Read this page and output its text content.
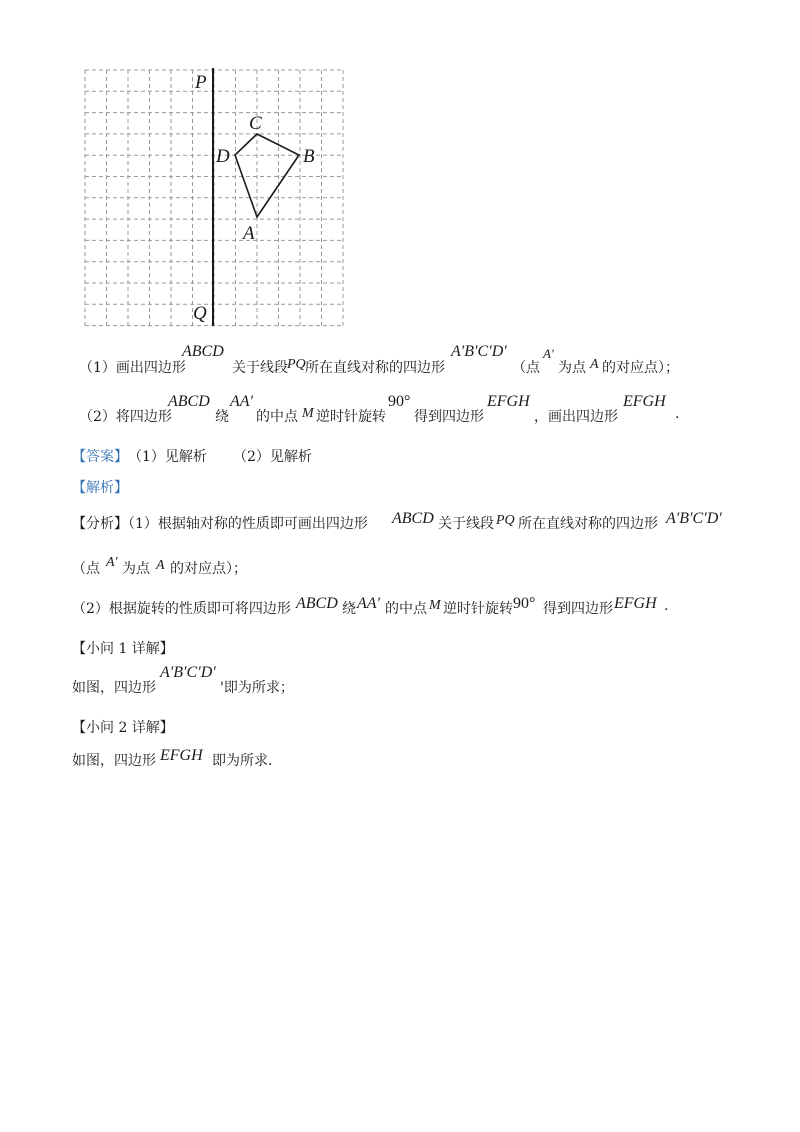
P
Q
C
D	B
A
（1）画出四边形
ABCD
关于线段 PQ 所在直线对称的四边形
A′B′C′D′
（点
A′
为点 A 的对应点）；
（2）将四边形
ABCD
绕
AA′
的中点 M 逆时针旋转
90°
得到四边形
EFGH
，画出四边形
EFGH
.
【答案】 （1）见解析 （2）见解析
【解析】
【分析】（1）根据轴对称的性质即可画出四边形 ABCD 关于线段 PQ 所在直线对称的四边形 A′B′C′D′
（点 A′ 为点 A 的对应点）；
（2）根据旋转的性质即可将四边形 ABCD 绕 AA′ 的中点 M 逆时针旋转 90° 得到四边形 EFGH .
【小问 1 详解】
如图，四边形
A′B′C′D′
'即为所求；
【小问 2 详解】
如图，四边形 EFGH 即为所求.
